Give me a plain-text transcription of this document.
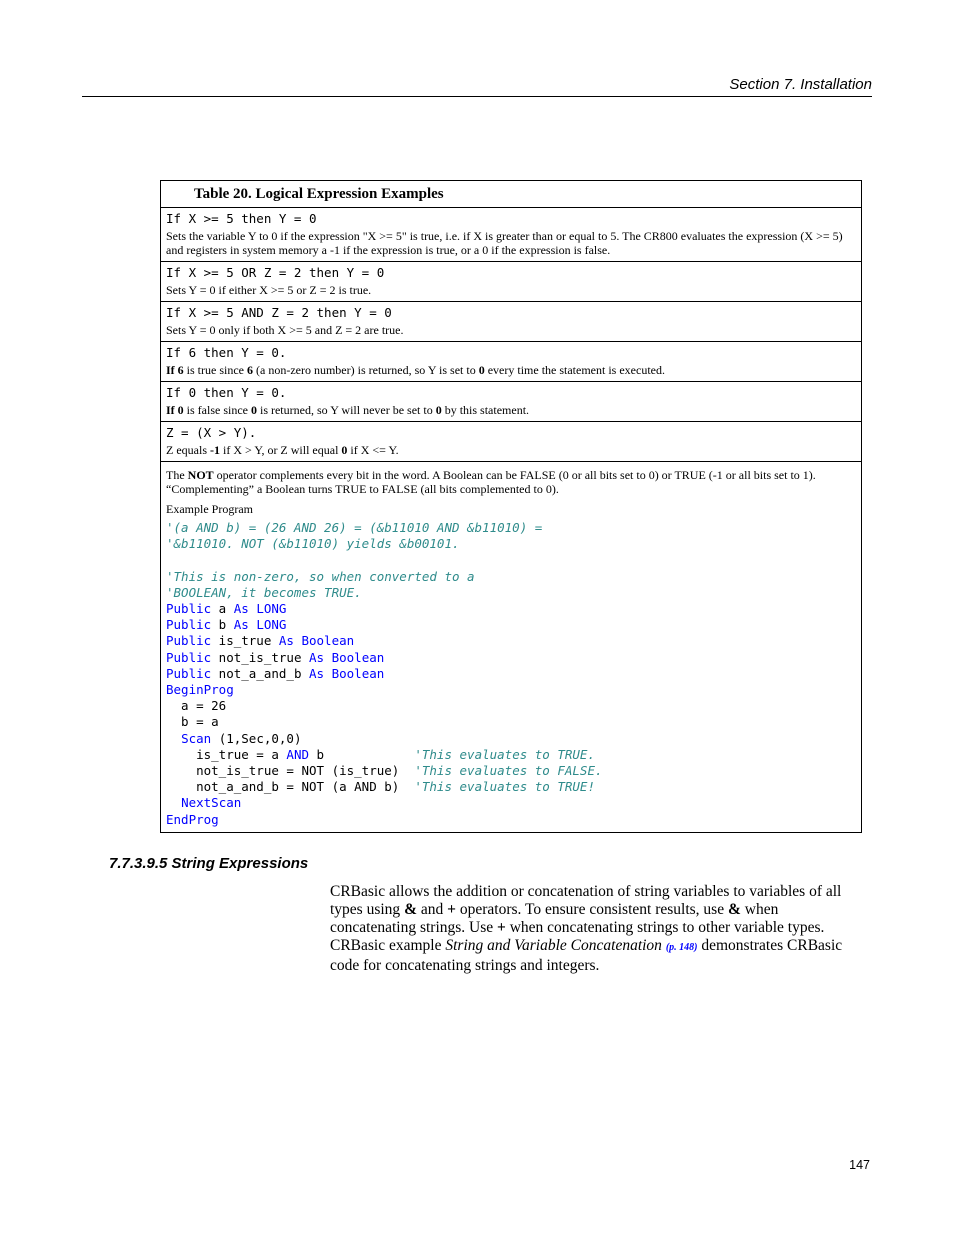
Section 7. Installation
Table 20. Logical Expression Examples

If X >= 5 then Y = 0
Sets the variable Y to 0 if the expression "X >= 5" is true, i.e. if X is greater than or equal to 5. The CR800 evaluates the expression (X >= 5) and registers in system memory a -1 if the expression is true, or a 0 if the expression is false.

If X >= 5 OR Z = 2 then Y = 0
Sets Y = 0 if either X >= 5 or Z = 2 is true.

If X >= 5 AND Z = 2 then Y = 0
Sets Y = 0 only if both X >= 5 and Z = 2 are true.

If 6 then Y = 0.
If 6 is true since 6 (a non-zero number) is returned, so Y is set to 0 every time the statement is executed.

If 0 then Y = 0.
If 0 is false since 0 is returned, so Y will never be set to 0 by this statement.

Z = (X > Y).
Z equals -1 if X > Y, or Z will equal 0 if X <= Y.

The NOT operator complements every bit in the word. A Boolean can be FALSE (0 or all bits set to 0) or TRUE (-1 or all bits set to 1). “Complementing” a Boolean turns TRUE to FALSE (all bits complemented to 0).
Example Program
'(a AND b) = (26 AND 26) = (&b11010 AND &b11010) =
'&b11010. NOT (&b11010) yields &b00101.

'This is non-zero, so when converted to a
'BOOLEAN, it becomes TRUE.
Public a As LONG
Public b As LONG
Public is_true As Boolean
Public not_is_true As Boolean
Public not_a_and_b As Boolean
BeginProg
a = 26
b = a
Scan (1,Sec,0,0)
is_true = a AND b            'This evaluates to TRUE.
not_is_true = NOT (is_true)  'This evaluates to FALSE.
not_a_and_b = NOT (a AND b)  'This evaluates to TRUE!
NextScan
EndProg
7.7.3.9.5 String Expressions
CRBasic allows the addition or concatenation of string variables to variables of all types using & and + operators. To ensure consistent results, use & when concatenating strings. Use + when concatenating strings to other variable types. CRBasic example String and Variable Concatenation (p. 148) demonstrates CRBasic code for concatenating strings and integers.
147
